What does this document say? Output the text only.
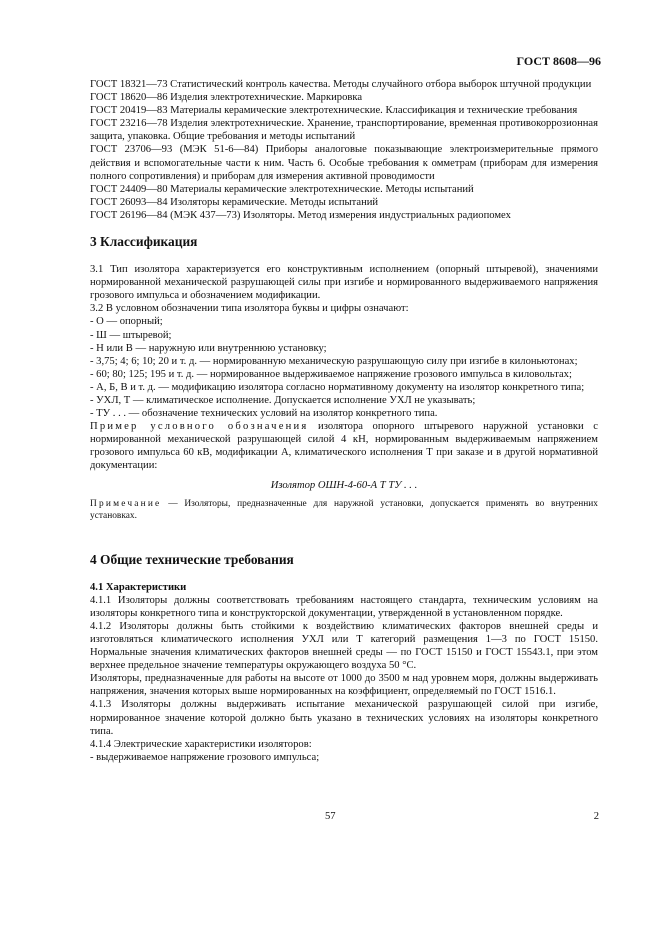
ГОСТ 8608—96

ГОСТ 18321—73 Статистический контроль качества. Методы случайного отбора выборок штучной продукции

ГОСТ 18620—86 Изделия электротехнические. Маркировка

ГОСТ 20419—83 Материалы керамические электротехнические. Классификация и технические требования

ГОСТ 23216—78 Изделия электротехнические. Хранение, транспортирование, временная противокоррозионная защита, упаковка. Общие требования и методы испытаний

ГОСТ 23706—93 (МЭК 51-6—84) Приборы аналоговые показывающие электроизмерительные прямого действия и вспомогательные части к ним. Часть 6. Особые требования к омметрам (приборам для измерения полного сопротивления) и приборам для измерения активной проводимости

ГОСТ 24409—80 Материалы керамические электротехнические. Методы испытаний

ГОСТ 26093—84 Изоляторы керамические. Методы испытаний

ГОСТ 26196—84 (МЭК 437—73) Изоляторы. Метод измерения индустриальных радиопомех

3 Классификация

3.1 Тип изолятора характеризуется его конструктивным исполнением (опорный штыревой), значениями нормированной механической разрушающей силы при изгибе и нормированного выдерживаемого напряжения грозового импульса и обозначением модификации.

3.2 В условном обозначении типа изолятора буквы и цифры означают:

- О — опорный;

- Ш — штыревой;

- Н или В — наружную или внутреннюю установку;

- 3,75; 4; 6; 10; 20 и т. д. — нормированную механическую разрушающую силу при изгибе в килоньютонах;

- 60; 80; 125; 195 и т. д. — нормированное выдерживаемое напряжение грозового импульса в киловольтах;

- А, Б, В и т. д. — модификацию изолятора согласно нормативному документу на изолятор конкретного типа;

- УХЛ, Т — климатическое исполнение. Допускается исполнение УХЛ не указывать;

- ТУ . . . — обозначение технических условий на изолятор конкретного типа.

Пример условного обозначения изолятора опорного штыревого наружной установки с нормированной механической разрушающей силой 4 кН, нормированным выдерживаемым напряжением грозового импульса 60 кВ, модификации А, климатического исполнения Т при заказе и в другой нормативной документации:

Изолятор ОШН-4-60-А Т ТУ . . .

Примечание — Изоляторы, предназначенные для наружной установки, допускается применять во внутренних установках.

4 Общие технические требования
4.1 Характеристики

4.1.1 Изоляторы должны соответствовать требованиям настоящего стандарта, техническим условиям на изоляторы конкретного типа и конструкторской документации, утвержденной в установленном порядке.

4.1.2 Изоляторы должны быть стойкими к воздействию климатических факторов внешней среды и изготовляться климатического исполнения УХЛ или Т категорий размещения 1—3 по ГОСТ 15150. Нормальные значения климатических факторов внешней среды — по ГОСТ 15150 и ГОСТ 15543.1, при этом верхнее предельное значение температуры окружающего воздуха 50 °С.

Изоляторы, предназначенные для работы на высоте от 1000 до 3500 м над уровнем моря, должны выдерживать напряжения, значения которых выше нормированных на коэффициент, определяемый по ГОСТ 1516.1.

4.1.3 Изоляторы должны выдерживать испытание механической разрушающей силой при изгибе, нормированное значение которой должно быть указано в технических условиях на изоляторы конкретного типа.

4.1.4 Электрические характеристики изоляторов:

- выдерживаемое напряжение грозового импульса;

57	2
